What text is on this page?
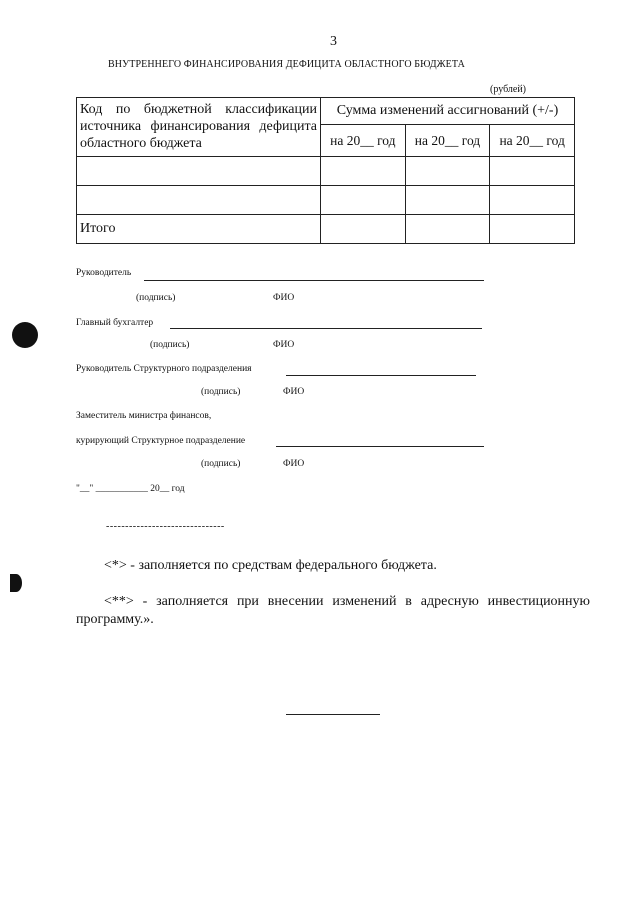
3
ВНУТРЕННЕГО ФИНАНСИРОВАНИЯ ДЕФИЦИТА ОБЛАСТНОГО БЮДЖЕТА
(рублей)
Код по бюджетной классификации источника финансирования дефицита областного бюджета	Сумма изменений ассигнований (+/-)		
	на 20__ год	на 20__ год	на 20__ год

Итого			
Руководитель
(подпись)	ФИО
Главный бухгалтер
(подпись)	ФИО
Руководитель Структурного подразделения
(подпись)	ФИО
Заместитель министра финансов,
курирующий Структурное подразделение
(подпись)	ФИО
"__" ___________ 20__ год
-------------------------------
<*> - заполняется по средствам федерального бюджета.
<**> - заполняется при внесении изменений в адресную инвестиционную программу.».
